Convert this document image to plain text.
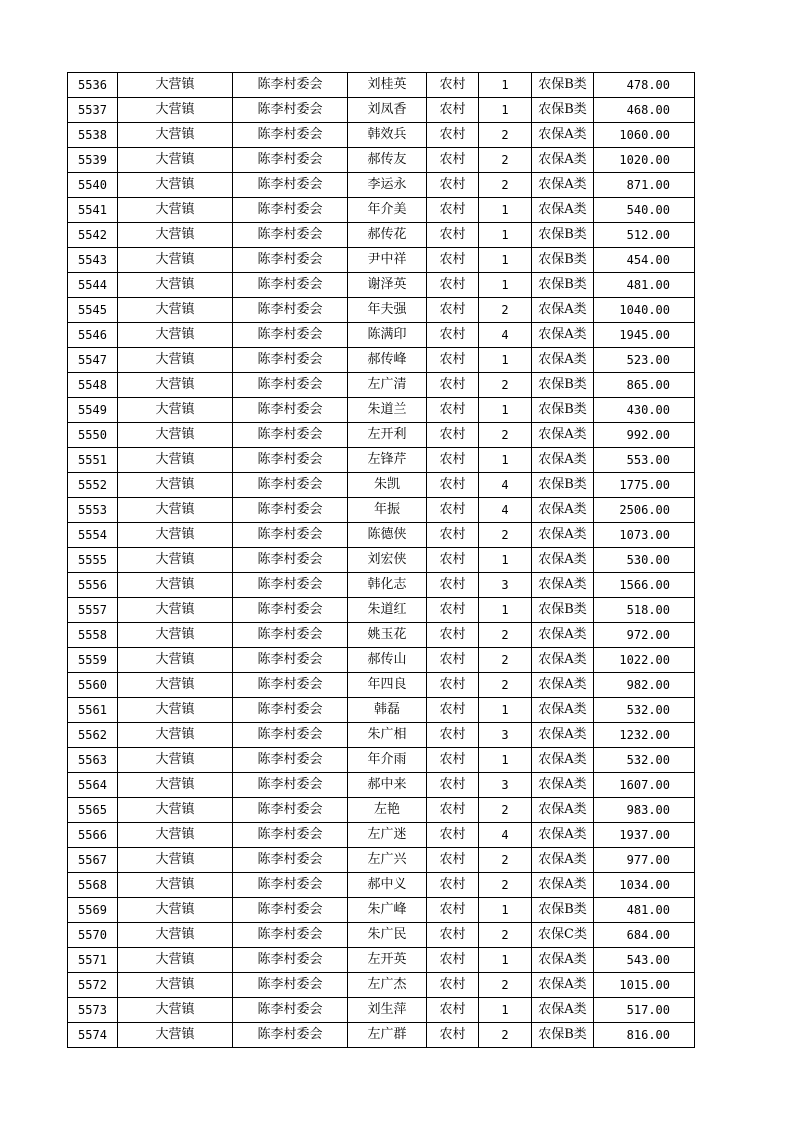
5536	大营镇	陈李村委会	刘桂英	农村	1	农保B类	478.00
5537	大营镇	陈李村委会	刘凤香	农村	1	农保B类	468.00
5538	大营镇	陈李村委会	韩效兵	农村	2	农保A类	1060.00
5539	大营镇	陈李村委会	郝传友	农村	2	农保A类	1020.00
5540	大营镇	陈李村委会	李运永	农村	2	农保A类	871.00
5541	大营镇	陈李村委会	年介美	农村	1	农保A类	540.00
5542	大营镇	陈李村委会	郝传花	农村	1	农保B类	512.00
5543	大营镇	陈李村委会	尹中祥	农村	1	农保B类	454.00
5544	大营镇	陈李村委会	谢泽英	农村	1	农保B类	481.00
5545	大营镇	陈李村委会	年夫强	农村	2	农保A类	1040.00
5546	大营镇	陈李村委会	陈满印	农村	4	农保A类	1945.00
5547	大营镇	陈李村委会	郝传峰	农村	1	农保A类	523.00
5548	大营镇	陈李村委会	左广清	农村	2	农保B类	865.00
5549	大营镇	陈李村委会	朱道兰	农村	1	农保B类	430.00
5550	大营镇	陈李村委会	左开利	农村	2	农保A类	992.00
5551	大营镇	陈李村委会	左锋芹	农村	1	农保A类	553.00
5552	大营镇	陈李村委会	朱凯	农村	4	农保B类	1775.00
5553	大营镇	陈李村委会	年振	农村	4	农保A类	2506.00
5554	大营镇	陈李村委会	陈德侠	农村	2	农保A类	1073.00
5555	大营镇	陈李村委会	刘宏侠	农村	1	农保A类	530.00
5556	大营镇	陈李村委会	韩化志	农村	3	农保A类	1566.00
5557	大营镇	陈李村委会	朱道红	农村	1	农保B类	518.00
5558	大营镇	陈李村委会	姚玉花	农村	2	农保A类	972.00
5559	大营镇	陈李村委会	郝传山	农村	2	农保A类	1022.00
5560	大营镇	陈李村委会	年四良	农村	2	农保A类	982.00
5561	大营镇	陈李村委会	韩磊	农村	1	农保A类	532.00
5562	大营镇	陈李村委会	朱广相	农村	3	农保A类	1232.00
5563	大营镇	陈李村委会	年介雨	农村	1	农保A类	532.00
5564	大营镇	陈李村委会	郝中来	农村	3	农保A类	1607.00
5565	大营镇	陈李村委会	左艳	农村	2	农保A类	983.00
5566	大营镇	陈李村委会	左广迷	农村	4	农保A类	1937.00
5567	大营镇	陈李村委会	左广兴	农村	2	农保A类	977.00
5568	大营镇	陈李村委会	郝中义	农村	2	农保A类	1034.00
5569	大营镇	陈李村委会	朱广峰	农村	1	农保B类	481.00
5570	大营镇	陈李村委会	朱广民	农村	2	农保C类	684.00
5571	大营镇	陈李村委会	左开英	农村	1	农保A类	543.00
5572	大营镇	陈李村委会	左广杰	农村	2	农保A类	1015.00
5573	大营镇	陈李村委会	刘生萍	农村	1	农保A类	517.00
5574	大营镇	陈李村委会	左广群	农村	2	农保B类	816.00
